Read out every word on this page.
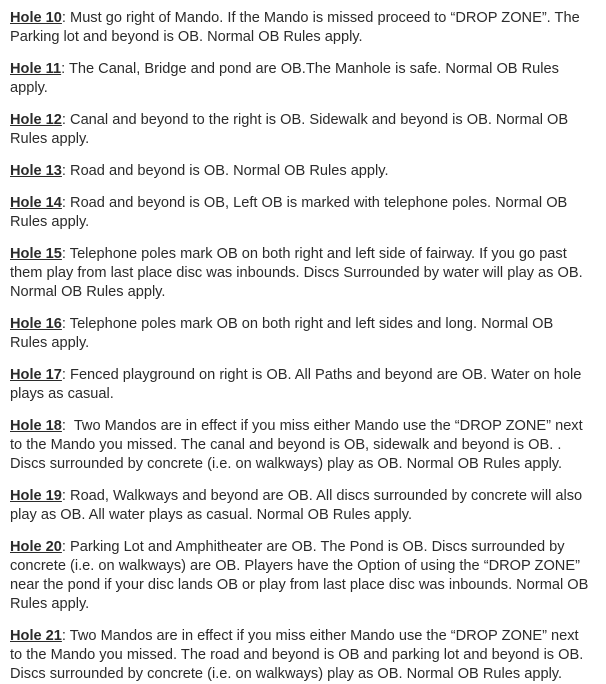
Hole 10: Must go right of Mando. If the Mando is missed proceed to “DROP ZONE”. The Parking lot and beyond is OB. Normal OB Rules apply.

Hole 11: The Canal, Bridge and pond are OB.The Manhole is safe. Normal OB Rules apply.

Hole 12: Canal and beyond to the right is OB. Sidewalk and beyond is OB. Normal OB Rules apply.

Hole 13: Road and beyond is OB. Normal OB Rules apply.

Hole 14: Road and beyond is OB, Left OB is marked with telephone poles. Normal OB Rules apply.

Hole 15: Telephone poles mark OB on both right and left side of fairway. If you go past them play from last place disc was inbounds. Discs Surrounded by water will play as OB. Normal OB Rules apply.

Hole 16: Telephone poles mark OB on both right and left sides and long. Normal OB Rules apply.

Hole 17: Fenced playground on right is OB. All Paths and beyond are OB. Water on hole plays as casual.

Hole 18:  Two Mandos are in effect if you miss either Mando use the “DROP ZONE” next to the Mando you missed. The canal and beyond is OB, sidewalk and beyond is OB. . Discs surrounded by concrete (i.e. on walkways) play as OB. Normal OB Rules apply.

Hole 19: Road, Walkways and beyond are OB. All discs surrounded by concrete will also play as OB. All water plays as casual. Normal OB Rules apply.

Hole 20: Parking Lot and Amphitheater are OB. The Pond is OB. Discs surrounded by concrete (i.e. on walkways) are OB. Players have the Option of using the “DROP ZONE” near the pond if your disc lands OB or play from last place disc was inbounds. Normal OB Rules apply.

Hole 21: Two Mandos are in effect if you miss either Mando use the “DROP ZONE” next to the Mando you missed. The road and beyond is OB and parking lot and beyond is OB. Discs surrounded by concrete (i.e. on walkways) play as OB. Normal OB Rules apply.
